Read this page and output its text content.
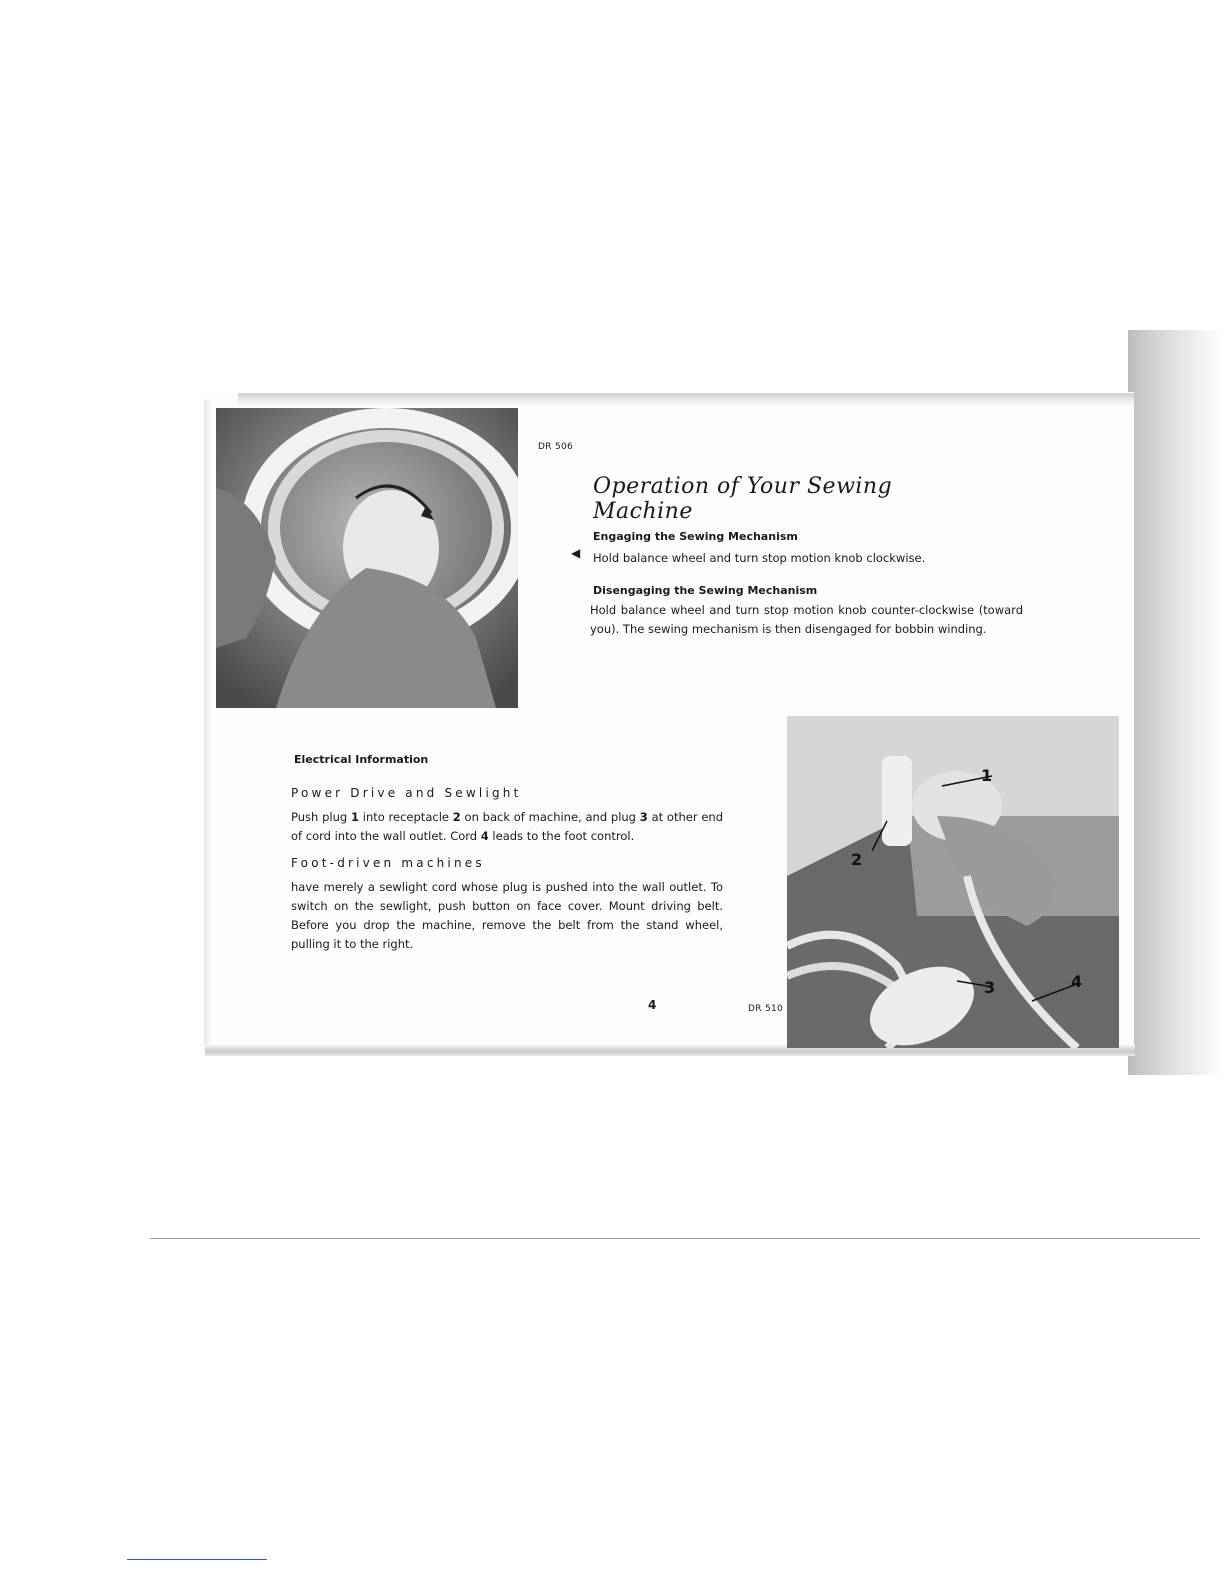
1
2
3	4
DR 506
Operation of Your Sewing Machine
Engaging the Sewing Mechanism
◀ Hold balance wheel and turn stop motion knob clockwise.
Disengaging the Sewing Mechanism
Hold balance wheel and turn stop motion knob counter-clockwise (toward you). The sewing mechanism is then disengaged for bobbin winding.
Electrical Information
Power Drive and Sewlight
Push plug 1 into receptacle 2 on back of machine, and plug 3 at other end of cord into the wall outlet. Cord 4 leads to the foot control.
Foot-driven machines
have merely a sewlight cord whose plug is pushed into the wall outlet. To switch on the sewlight, push button on face cover. Mount driving belt. Before you drop the machine, remove the belt from the stand wheel, pulling it to the right.
4	DR 510
